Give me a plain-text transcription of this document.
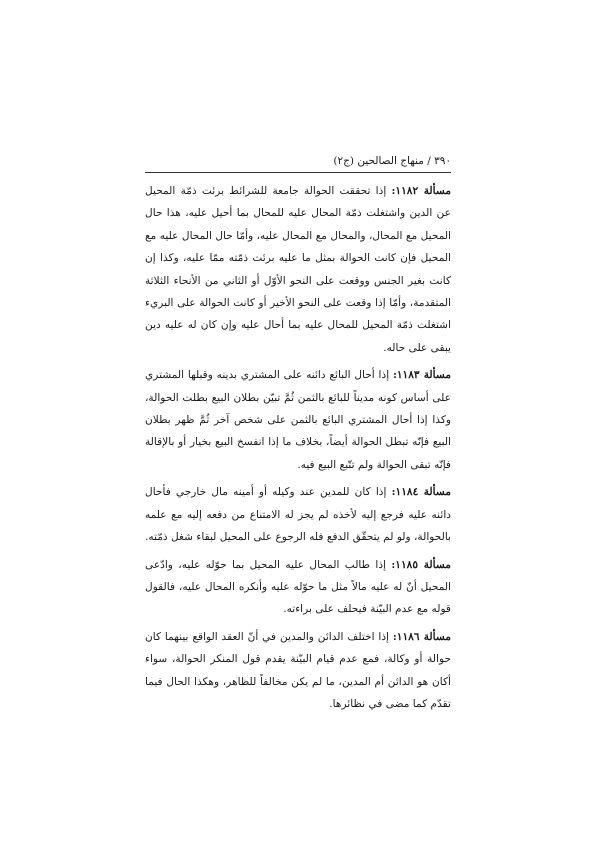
٣٩٠ / منهاج الصالحين (ج٢)

مسألة ١١٨٢: إذا تحققت الحوالة جامعة للشرائط برئت ذمّة المحيل عن الدين واشتغلت ذمّة المحال عليه للمحال بما أحيل عليه، هذا حال المحيل مع المحال، والمحال مع المحال عليه، وأمّا حال المحال عليه مع المحيل فإن كانت الحوالة بمثل ما عليه برئت ذمّته ممّا عليه، وكذا إن كانت بغير الجنس ووقعت على النحو الأوّل أو الثاني من الأنحاء الثلاثة المتقدمة، وأمّا إذا وقعت على النحو الأخير أو كانت الحوالة على البريء اشتغلت ذمّة المحيل للمحال عليه بما أحال عليه وإن كان له عليه دين يبقى على حاله.

مسألة ١١٨٣: إذا أحال البائع دائنه على المشتري بدينه وقبلها المشتري على أساس كونه مديناً للبائع بالثمن ثُمَّ تبيّن بطلان البيع بطلت الحوالة، وكذا إذا أحال المشتري البائع بالثمن على شخص آخر ثُمَّ ظهر بطلان البيع فإنّه تبطل الحوالة أيضاً، بخلاف ما إذا انفسخ البيع بخيار أو بالإقالة فإنّه تبقى الحوالة ولم تتّبع البيع فيه.

مسألة ١١٨٤: إذا كان للمدين عند وكيله أو أمينه مال خارجي فأحال دائنه عليه فرجع إليه لأخذه لم يجز له الامتناع من دفعه إليه مع علمه بالحوالة، ولو لم يتحقّق الدفع فله الرجوع على المحيل لبقاء شغل ذمّته.

مسألة ١١٨٥: إذا طالب المحال عليه المحيل بما حوّله عليه، وادّعى المحيل أنّ له عليه مالاً مثل ما حوّله عليه وأنكره المحال عليه، فالقول قوله مع عدم البيّنة فيحلف على براءته.

مسألة ١١٨٦: إذا اختلف الدائن والمدين في أنّ العقد الواقع بينهما كان حوالة أو وكالة، فمع عدم قيام البيّنة يقدم قول المنكر الحوالة، سواء أكان هو الدائن أم المدين، ما لم يكن مخالفاً للظاهر، وهكذا الحال فيما تقدّم كما مضى في نظائرها.
